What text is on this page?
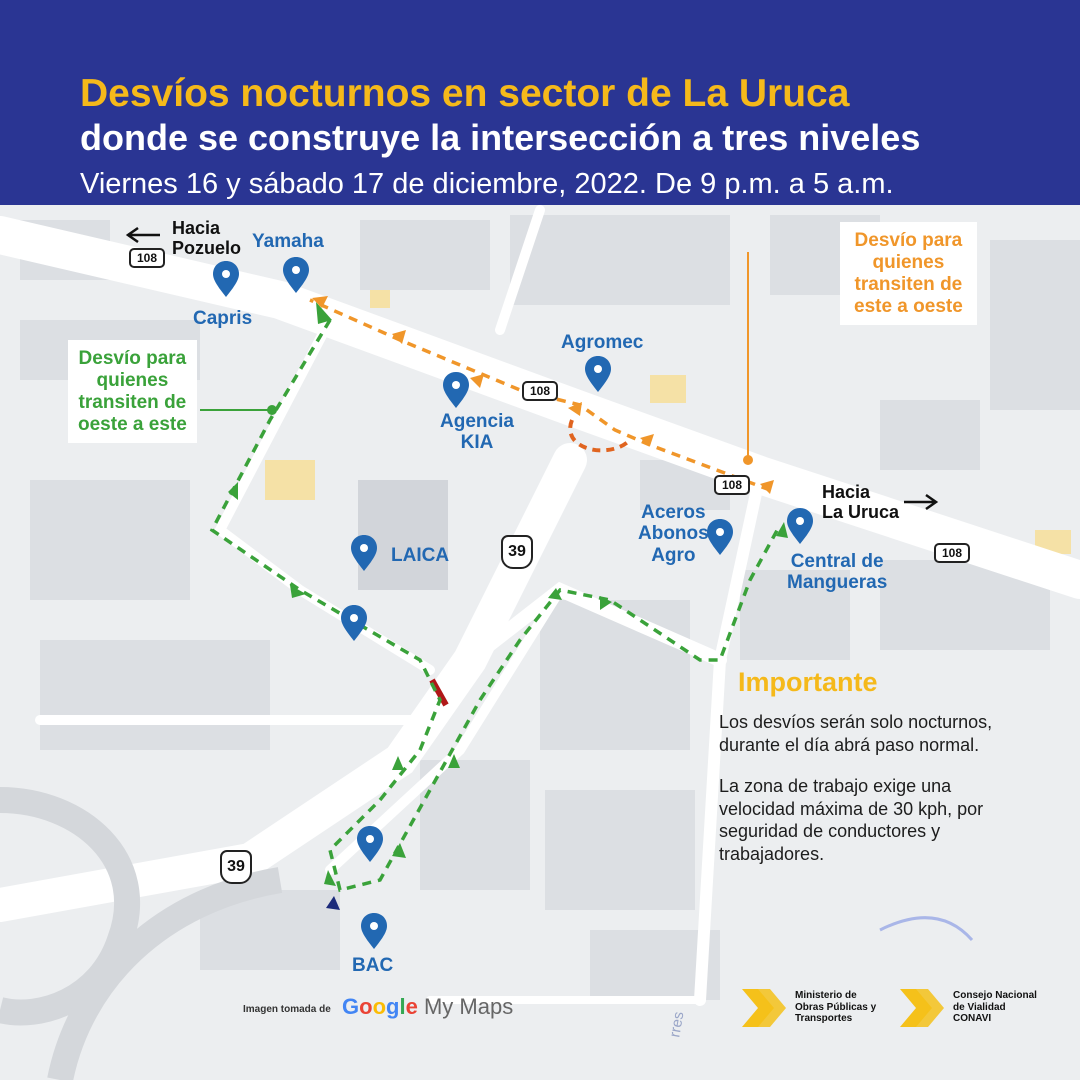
Desvíos nocturnos en sector de La Uruca
donde se construye la intersección a tres niveles
Viernes 16 y sábado 17 de diciembre, 2022. De 9 p.m. a 5 a.m.
Hacia
Pozuelo
Hacia
La Uruca
108
108
108
108
39
39
Yamaha
Capris
Agromec
Agencia
KIA
LAICA
Aceros
Abonos
Agro	Central de
Mangueras
BAC
Desvío para
quienes
transiten de
oeste a este
Desvío para
quienes
transiten de
este a oeste
rres
Importante
Los desvíos serán solo nocturnos, durante el día abrá paso normal.
La zona de trabajo exige una velocidad máxima de 30 kph, por seguridad de conductores y trabajadores.
Imagen tomada de Google My Maps	Ministerio de
Obras Públicas y
Transportes
Consejo Nacional
de Vialidad
CONAVI
